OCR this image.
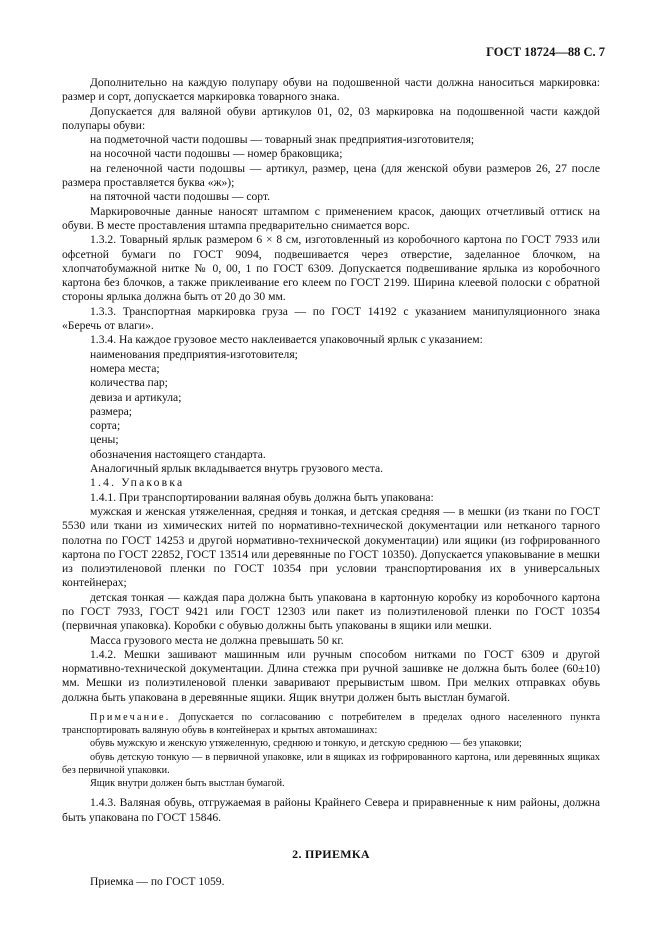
ГОСТ 18724—88 С. 7

Дополнительно на каждую полупару обуви на подошвенной части должна наноситься маркировка: размер и сорт, допускается маркировка товарного знака.

Допускается для валяной обуви артикулов 01, 02, 03 маркировка на подошвенной части каждой полупары обуви:

на подметочной части подошвы — товарный знак предприятия-изготовителя;

на носочной части подошвы — номер браковщика;

на геленочной части подошвы — артикул, размер, цена (для женской обуви размеров 26, 27 после размера проставляется буква «ж»);

на пяточной части подошвы — сорт.

Маркировочные данные наносят штампом с применением красок, дающих отчетливый оттиск на обуви. В месте проставления штампа предварительно снимается ворс.

1.3.2. Товарный ярлык размером 6 × 8 см, изготовленный из коробочного картона по ГОСТ 7933 или офсетной бумаги по ГОСТ 9094, подвешивается через отверстие, заделанное блочком, на хлопчатобумажной нитке № 0, 00, 1 по ГОСТ 6309. Допускается подвешивание ярлыка из коробочного картона без блочков, а также приклеивание его клеем по ГОСТ 2199. Ширина клеевой полоски с обратной стороны ярлыка должна быть от 20 до 30 мм.

1.3.3. Транспортная маркировка груза — по ГОСТ 14192 с указанием манипуляционного знака «Беречь от влаги».

1.3.4. На каждое грузовое место наклеивается упаковочный ярлык с указанием:

наименования предприятия-изготовителя;

номера места;

количества пар;

девиза и артикула;

размера;

сорта;

цены;

обозначения настоящего стандарта.

Аналогичный ярлык вкладывается внутрь грузового места.

1.4. Упаковка

1.4.1. При транспортировании валяная обувь должна быть упакована:

мужская и женская утяжеленная, средняя и тонкая, и детская средняя — в мешки (из ткани по ГОСТ 5530 или ткани из химических нитей по нормативно-технической документации или нетканого тарного полотна по ГОСТ 14253 и другой нормативно-технической документации) или ящики (из гофрированного картона по ГОСТ 22852, ГОСТ 13514 или деревянные по ГОСТ 10350). Допускается упаковывание в мешки из полиэтиленовой пленки по ГОСТ 10354 при условии транспортирования их в универсальных контейнерах;

детская тонкая — каждая пара должна быть упакована в картонную коробку из коробочного картона по ГОСТ 7933, ГОСТ 9421 или ГОСТ 12303 или пакет из полиэтиленовой пленки по ГОСТ 10354 (первичная упаковка). Коробки с обувью должны быть упакованы в ящики или мешки.

Масса грузового места не должна превышать 50 кг.

1.4.2. Мешки зашивают машинным или ручным способом нитками по ГОСТ 6309 и другой нормативно-технической документации. Длина стежка при ручной зашивке не должна быть более (60±10) мм. Мешки из полиэтиленовой пленки заваривают прерывистым швом. При мелких отправках обувь должна быть упакована в деревянные ящики. Ящик внутри должен быть выстлан бумагой.

Примечание. Допускается по согласованию с потребителем в пределах одного населенного пункта транспортировать валяную обувь в контейнерах и крытых автомашинах:

обувь мужскую и женскую утяжеленную, среднюю и тонкую, и детскую среднюю — без упаковки;

обувь детскую тонкую — в первичной упаковке, или в ящиках из гофрированного картона, или деревянных ящиках без первичной упаковки.

Ящик внутри должен быть выстлан бумагой.

1.4.3. Валяная обувь, отгружаемая в районы Крайнего Севера и приравненные к ним районы, должна быть упакована по ГОСТ 15846.

2. ПРИЕМКА

Приемка — по ГОСТ 1059.
